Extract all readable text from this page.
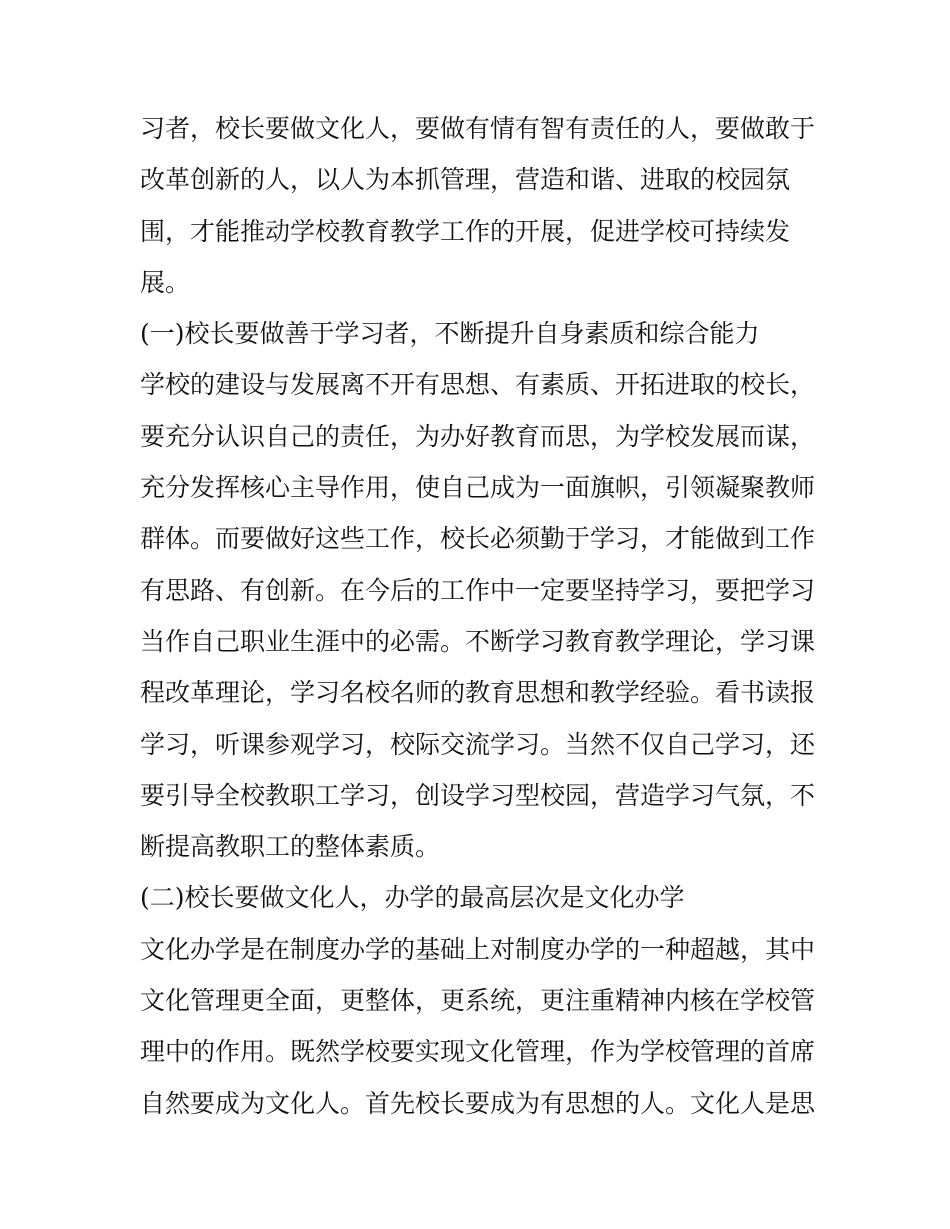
习者，校长要做文化人，要做有情有智有责任的人，要做敢于
改革创新的人，以人为本抓管理，营造和谐、进取的校园氛
围，才能推动学校教育教学工作的开展，促进学校可持续发
展。
(一)校长要做善于学习者，不断提升自身素质和综合能力
学校的建设与发展离不开有思想、有素质、开拓进取的校长，
要充分认识自己的责任，为办好教育而思，为学校发展而谋，
充分发挥核心主导作用，使自己成为一面旗帜，引领凝聚教师
群体。而要做好这些工作，校长必须勤于学习，才能做到工作
有思路、有创新。在今后的工作中一定要坚持学习，要把学习
当作自己职业生涯中的必需。不断学习教育教学理论，学习课
程改革理论，学习名校名师的教育思想和教学经验。看书读报
学习，听课参观学习，校际交流学习。当然不仅自己学习，还
要引导全校教职工学习，创设学习型校园，营造学习气氛，不
断提高教职工的整体素质。
(二)校长要做文化人，办学的最高层次是文化办学
文化办学是在制度办学的基础上对制度办学的一种超越，其中
文化管理更全面，更整体，更系统，更注重精神内核在学校管
理中的作用。既然学校要实现文化管理，作为学校管理的首席
自然要成为文化人。首先校长要成为有思想的人。文化人是思
